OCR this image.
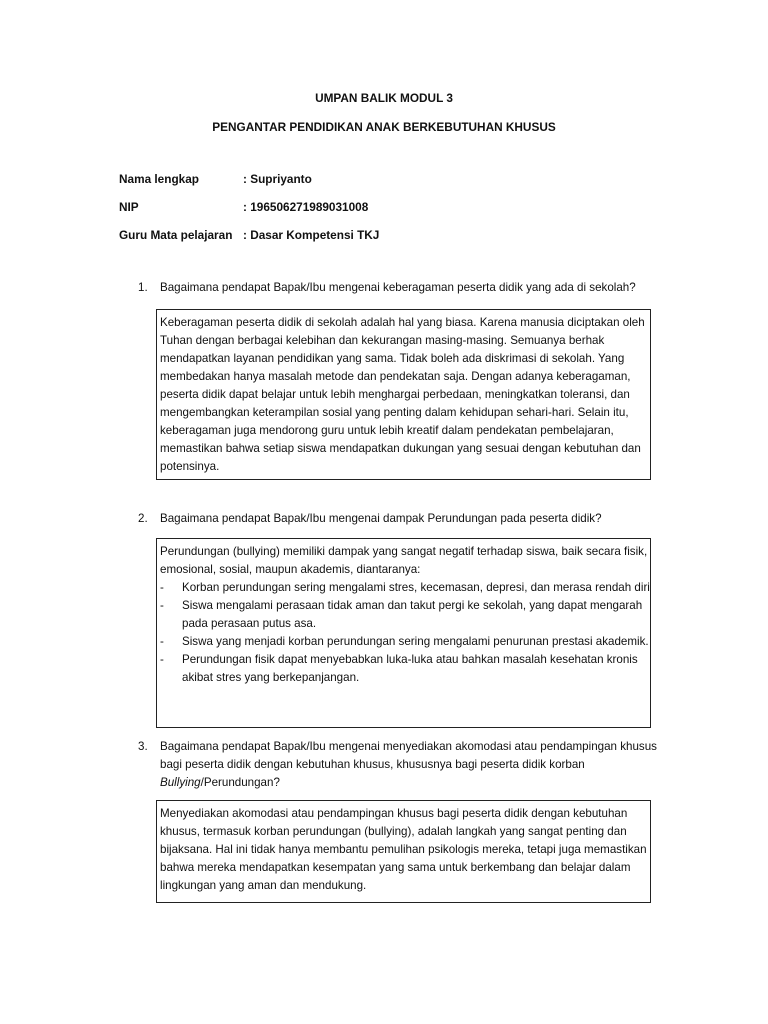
UMPAN BALIK MODUL 3
PENGANTAR PENDIDIKAN ANAK BERKEBUTUHAN KHUSUS
Nama lengkap	: Supriyanto
NIP	: 196506271989031008
Guru Mata pelajaran : Dasar Kompetensi TKJ
1.	Bagaimana pendapat Bapak/Ibu mengenai keberagaman peserta didik yang ada di sekolah?

Keberagaman peserta didik di sekolah adalah hal yang biasa. Karena manusia diciptakan oleh Tuhan dengan berbagai kelebihan dan kekurangan masing-masing. Semuanya berhak mendapatkan layanan pendidikan yang sama. Tidak boleh ada diskrimasi di sekolah. Yang membedakan hanya masalah metode dan pendekatan saja. Dengan adanya keberagaman, peserta didik dapat belajar untuk lebih menghargai perbedaan, meningkatkan toleransi, dan mengembangkan keterampilan sosial yang penting dalam kehidupan sehari-hari. Selain itu, keberagaman juga mendorong guru untuk lebih kreatif dalam pendekatan pembelajaran, memastikan bahwa setiap siswa mendapatkan dukungan yang sesuai dengan kebutuhan dan potensinya.

2.	Bagaimana pendapat Bapak/Ibu mengenai dampak Perundungan pada peserta didik?

Perundungan (bullying) memiliki dampak yang sangat negatif terhadap siswa, baik secara fisik, emosional, sosial, maupun akademis, diantaranya:

- Korban perundungan sering mengalami stres, kecemasan, depresi, dan merasa rendah diri
- Siswa mengalami perasaan tidak aman dan takut pergi ke sekolah, yang dapat mengarah pada perasaan putus asa.
- Siswa yang menjadi korban perundungan sering mengalami penurunan prestasi akademik.
- Perundungan fisik dapat menyebabkan luka-luka atau bahkan masalah kesehatan kronis akibat stres yang berkepanjangan.
3.	Bagaimana pendapat Bapak/Ibu mengenai menyediakan akomodasi atau pendampingan khusus bagi peserta didik dengan kebutuhan khusus, khususnya bagi peserta didik korban Bullying/Perundungan?

Menyediakan akomodasi atau pendampingan khusus bagi peserta didik dengan kebutuhan khusus, termasuk korban perundungan (bullying), adalah langkah yang sangat penting dan bijaksana. Hal ini tidak hanya membantu pemulihan psikologis mereka, tetapi juga memastikan bahwa mereka mendapatkan kesempatan yang sama untuk berkembang dan belajar dalam lingkungan yang aman dan mendukung.
